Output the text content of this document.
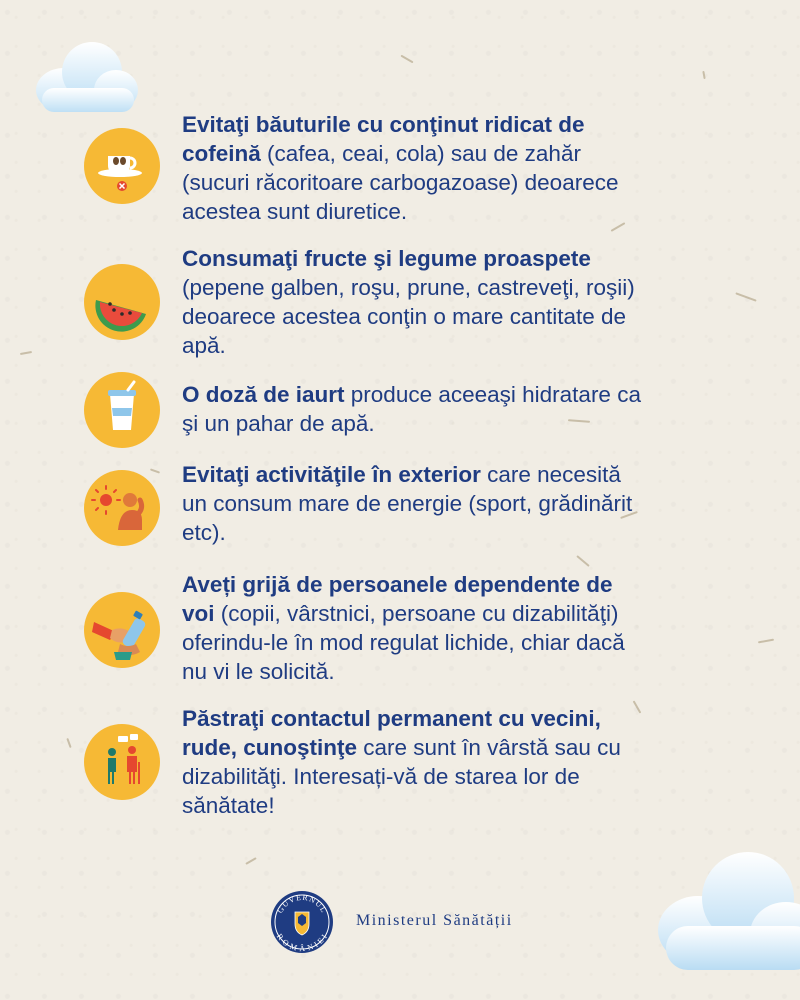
Evitaţi băuturile cu conţinut ridicat de cofeină (cafea, ceai, cola) sau de zahăr (sucuri răcoritoare carbogazoase) deoarece acestea sunt diuretice.
Consumaţi fructe şi legume proaspete (pepene galben, roşu, prune, castreveţi, roşii) deoarece acestea conţin o mare cantitate de apă.
O doză de iaurt produce aceeaşi hidratare ca şi un pahar de apă.
Evitaţi activităţile în exterior care necesită un consum mare de energie (sport, grădinărit etc).
Aveți grijă de persoanele dependente de voi (copii, vârstnici, persoane cu dizabilităţi) oferindu-le în mod regulat lichide, chiar dacă nu vi le solicită.
Păstraţi contactul permanent cu vecini, rude, cunoştinţe care sunt în vârstă sau cu dizabilităţi. Interesați-vă de starea lor de sănătate!
GUVERNUL
ROMÂNIEI
Ministerul Sănătății
